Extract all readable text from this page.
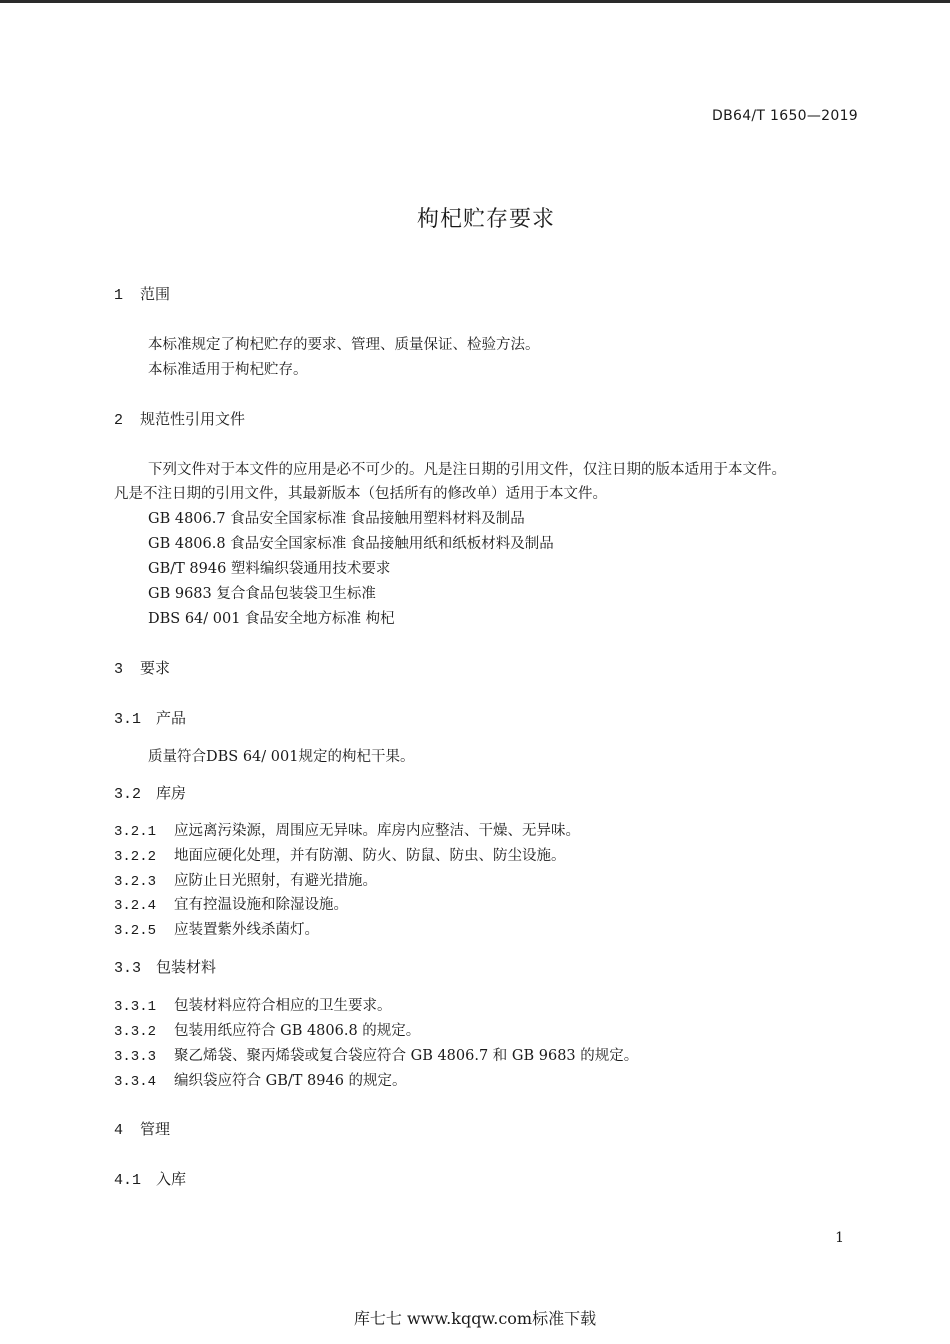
DB64/T 1650—2019
枸杞贮存要求
1 范围
本标准规定了枸杞贮存的要求、管理、质量保证、检验方法。
本标准适用于枸杞贮存。
2 规范性引用文件
下列文件对于本文件的应用是必不可少的。凡是注日期的引用文件，仅注日期的版本适用于本文件。
凡是不注日期的引用文件，其最新版本（包括所有的修改单）适用于本文件。
GB 4806.7 食品安全国家标准 食品接触用塑料材料及制品
GB 4806.8 食品安全国家标准 食品接触用纸和纸板材料及制品
GB/T 8946 塑料编织袋通用技术要求
GB 9683 复合食品包装袋卫生标准
DBS 64/ 001 食品安全地方标准 枸杞
3 要求
3.1 产品
质量符合DBS 64/ 001规定的枸杞干果。
3.2 库房
3.2.1 应远离污染源，周围应无异味。库房内应整洁、干燥、无异味。
3.2.2 地面应硬化处理，并有防潮、防火、防鼠、防虫、防尘设施。
3.2.3 应防止日光照射，有避光措施。
3.2.4 宜有控温设施和除湿设施。
3.2.5 应装置紫外线杀菌灯。
3.3 包装材料
3.3.1 包装材料应符合相应的卫生要求。
3.3.2 包装用纸应符合 GB 4806.8 的规定。
3.3.3 聚乙烯袋、聚丙烯袋或复合袋应符合 GB 4806.7 和 GB 9683 的规定。
3.3.4 编织袋应符合 GB/T 8946 的规定。
4 管理
4.1 入库
1
库七七 www.kqqw.com标准下载
